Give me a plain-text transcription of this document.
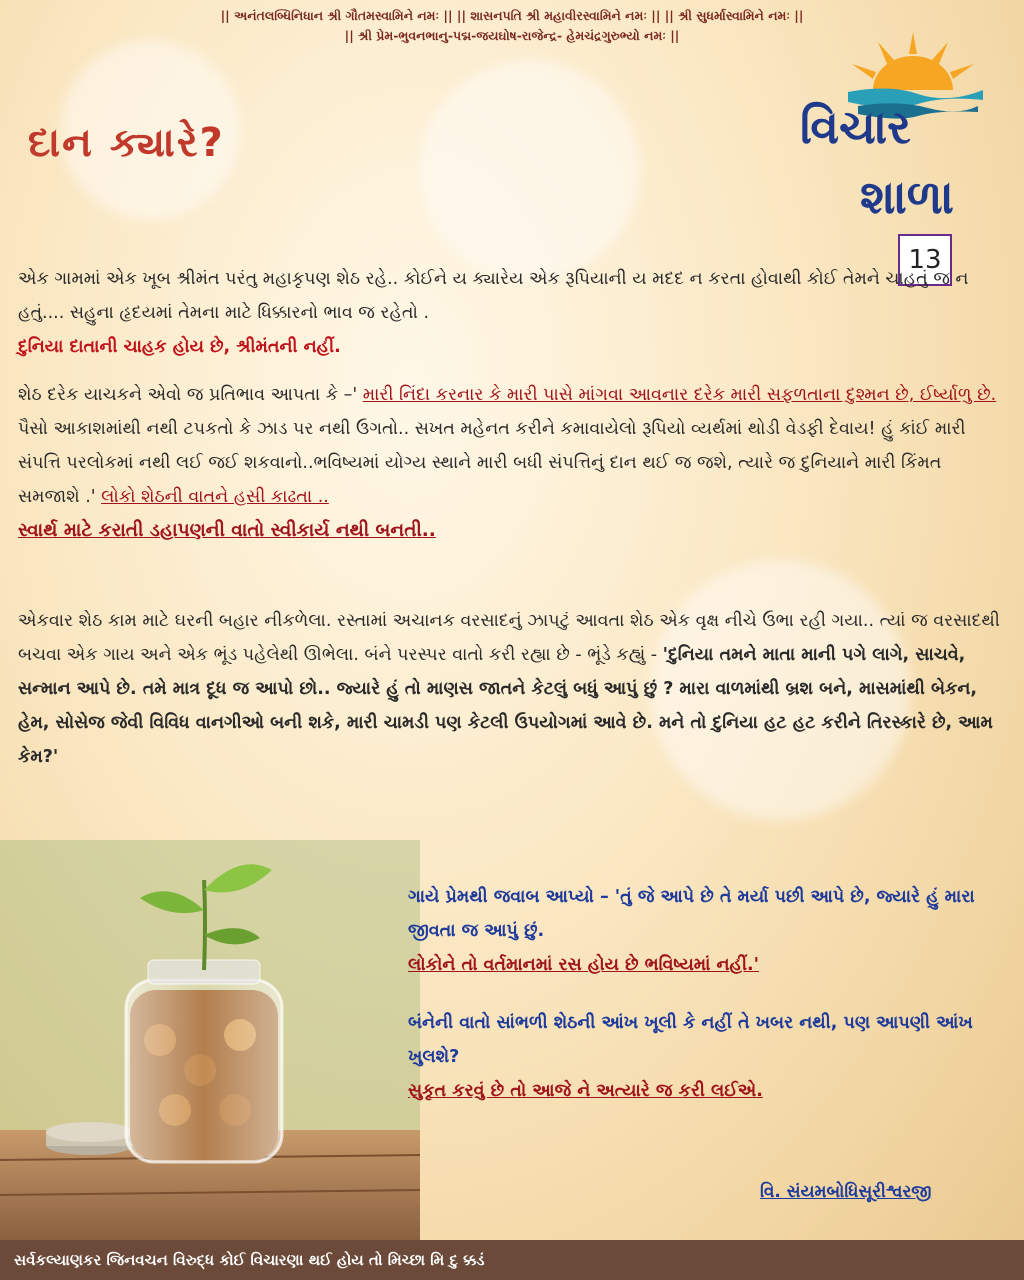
|| અનંતલબ્ધિનિધાન શ્રી ગૌતમસ્વામિને નમઃ || || શાસનપતિ શ્રી મહાવીરસ્વામિને નમઃ || || શ્રી સુધર્માસ્વામિને નમઃ ||
|| શ્રી પ્રેમ-ભુવનભાનુ-પદ્મ-જયઘોષ-રાજેન્દ્ર- હેમચંદ્રગુરુભ્યો નમઃ ||
દાન ક્યારે?	વિચાર
શાળા
13
એક ગામમાં એક ખૂબ શ્રીમંત પરંતુ મહાકૃપણ શેઠ રહે.. કોઈને ય ક્યારેય એક રૂપિયાની ય મદદ ન કરતા હોવાથી કોઈ તેમને ચાહતું જ ન હતું.... સહુના હૃદયમાં તેમના માટે ધિક્કારનો ભાવ જ રહેતો .
દુનિયા દાતાની ચાહક હોય છે, શ્રીમંતની નહીં.
શેઠ દરેક યાચકને એવો જ પ્રતિભાવ આપતા કે –' મારી નિંદા કરનાર કે મારી પાસે માંગવા આવનાર દરેક મારી સફળતાના દુશ્મન છે, ઈર્ષ્યાળુ છે. પૈસો આકાશમાંથી નથી ટપકતો કે ઝાડ પર નથી ઉગતો.. સખત મહેનત કરીને કમાવાયેલો રૂપિયો વ્યર્થમાં થોડી વેડફી દેવાય! હું કાંઈ મારી સંપત્તિ પરલોકમાં નથી લઈ જઈ શકવાનો..ભવિષ્યમાં યોગ્ય સ્થાને મારી બધી સંપત્તિનું દાન થઈ જ જશે, ત્યારે જ દુનિયાને મારી કિંમત સમજાશે .' લોકો શેઠની વાતને હસી કાઢતા ..
સ્વાર્થ માટે કરાતી ડહાપણની વાતો સ્વીકાર્ય નથી બનતી..
એકવાર શેઠ કામ માટે ઘરની બહાર નીકળેલા. રસ્તામાં અચાનક વરસાદનું ઝાપટું આવતા શેઠ એક વૃક્ષ નીચે ઉભા રહી ગયા.. ત્યાં જ વરસાદથી બચવા એક ગાય અને એક ભૂંડ પહેલેથી ઊભેલા. બંને પરસ્પર વાતો કરી રહ્યા છે - ભૂંડે કહ્યું - 'દુનિયા તમને માતા માની પગે લાગે, સાચવે, સન્માન આપે છે. તમે માત્ર દૂધ જ આપો છો.. જ્યારે હું તો માણસ જાતને કેટલું બધું આપું છું ? મારા વાળમાંથી બ્રશ બને, માસમાંથી બેકન, હેમ, સોસેજ જેવી વિવિધ વાનગીઓ બની શકે, મારી ચામડી પણ કેટલી ઉપયોગમાં આવે છે. મને તો દુનિયા હટ હટ કરીને તિરસ્કારે છે, આમ કેમ?'
ગાયે પ્રેમથી જવાબ આપ્યો – 'તું જે આપે છે તે મર્યા પછી આપે છે, જ્યારે હું મારા જીવતા જ આપું છું.
લોકોને તો વર્તમાનમાં રસ હોય છે ભવિષ્યમાં નહીં.'
બંનેની વાતો સાંભળી શેઠની આંખ ખૂલી કે નહીં તે ખબર નથી, પણ આપણી આંખ ખુલશે?
સુકૃત કરવું છે તો આજે ને અત્યારે જ કરી લઈએ.
વિ. સંયમબોધિસૂરીશ્વરજી
સર્વકલ્યાણકર જિનવચન વિરુદ્ધ કોઈ વિચારણા થઈ હોય તો મિચ્છા મિ દુ ક્કડં
